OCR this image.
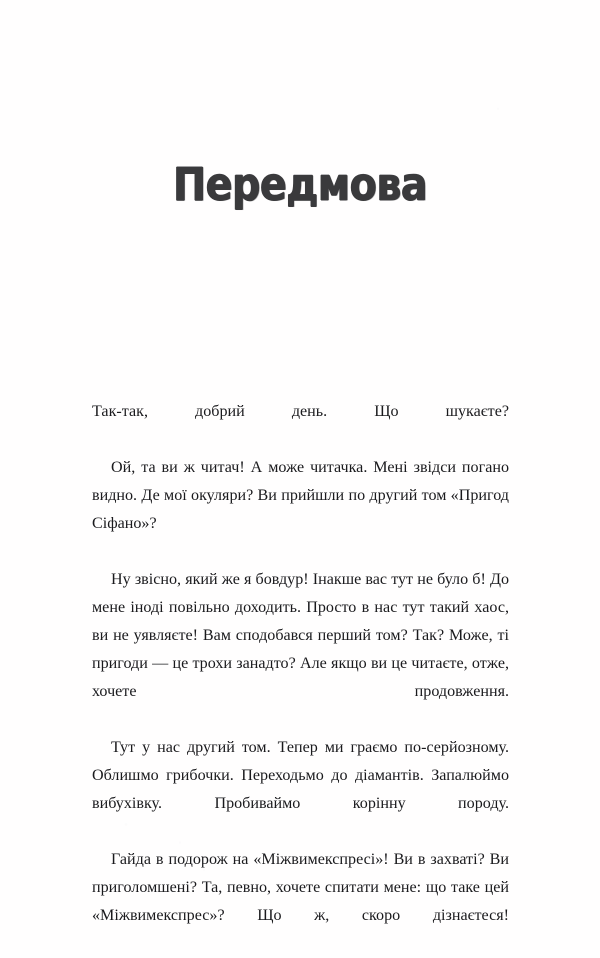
Передмова

Так-так, добрий день. Що шукаєте?

Ой, та ви ж читач! А може читачка. Мені звідси погано видно. Де мої окуляри? Ви прийшли по другий том «Пригод Сіфано»?

Ну звісно, який же я бовдур! Інакше вас тут не було б! До мене іноді повільно доходить. Просто в нас тут такий хаос, ви не уявляєте! Вам сподобався перший том? Так? Може, ті пригоди — це трохи занадто? Але якщо ви це читаєте, отже, хочете продовження.

Тут у нас другий том. Тепер ми граємо по-серйозному. Облишмо грибочки. Переходьмо до діамантів. Запалюймо вибухівку. Пробиваймо корінну породу.

Гайда в подорож на «Міжвимекспресі»! Ви в захваті? Ви приголомшені? Та, певно, хочете спитати мене: що таке цей «Міжвимекспрес»? Що ж, скоро дізнаєтеся!
